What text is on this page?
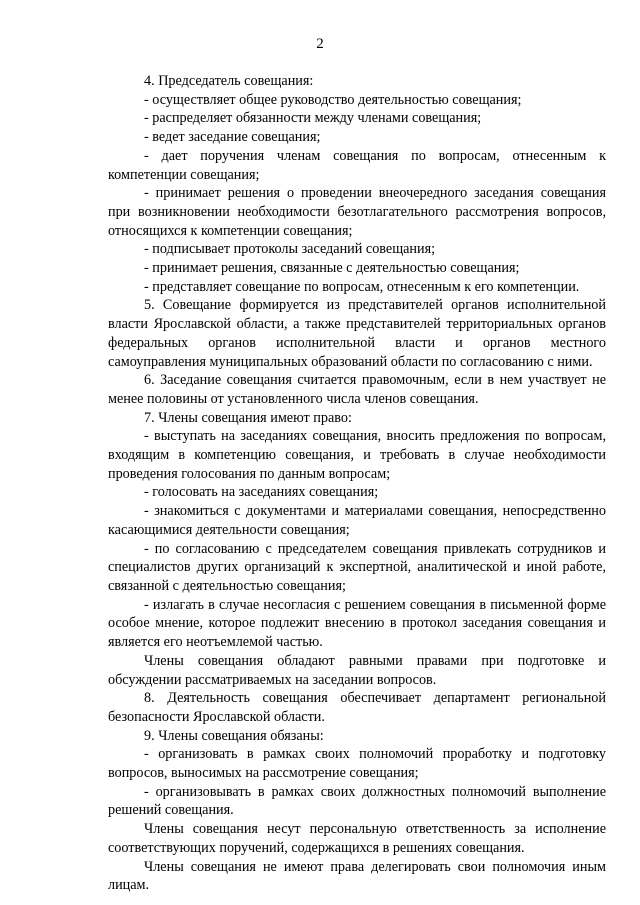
2

4. Председатель совещания:

- осуществляет общее руководство деятельностью совещания;

- распределяет обязанности между членами совещания;

- ведет заседание совещания;

- дает поручения членам совещания по вопросам, отнесенным к компетенции совещания;

- принимает решения о проведении внеочередного заседания совещания при возникновении необходимости безотлагательного рассмотрения вопросов, относящихся к компетенции совещания;

- подписывает протоколы заседаний совещания;

- принимает решения, связанные с деятельностью совещания;

- представляет совещание по вопросам, отнесенным к его компетенции.

5. Совещание формируется из представителей органов исполнительной власти Ярославской области, а также представителей территориальных органов федеральных органов исполнительной власти и органов местного самоуправления муниципальных образований области по согласованию с ними.

6. Заседание совещания считается правомочным, если в нем участвует не менее половины от установленного числа членов совещания.

7. Члены совещания имеют право:

- выступать на заседаниях совещания, вносить предложения по вопросам, входящим в компетенцию совещания, и требовать в случае необходимости проведения голосования по данным вопросам;

- голосовать на заседаниях совещания;

- знакомиться с документами и материалами совещания, непосредственно касающимися деятельности совещания;

- по согласованию с председателем совещания привлекать сотрудников и специалистов других организаций к экспертной, аналитической и иной работе, связанной с деятельностью совещания;

- излагать в случае несогласия с решением совещания в письменной форме особое мнение, которое подлежит внесению в протокол заседания совещания и является его неотъемлемой частью.

Члены совещания обладают равными правами при подготовке и обсуждении рассматриваемых на заседании вопросов.

8. Деятельность совещания обеспечивает департамент региональной безопасности Ярославской области.

9. Члены совещания обязаны:

- организовать в рамках своих полномочий проработку и подготовку вопросов, выносимых на рассмотрение совещания;

- организовывать в рамках своих должностных полномочий выполнение решений совещания.

Члены совещания несут персональную ответственность за исполнение соответствующих поручений, содержащихся в решениях совещания.

Члены совещания не имеют права делегировать свои полномочия иным лицам.
